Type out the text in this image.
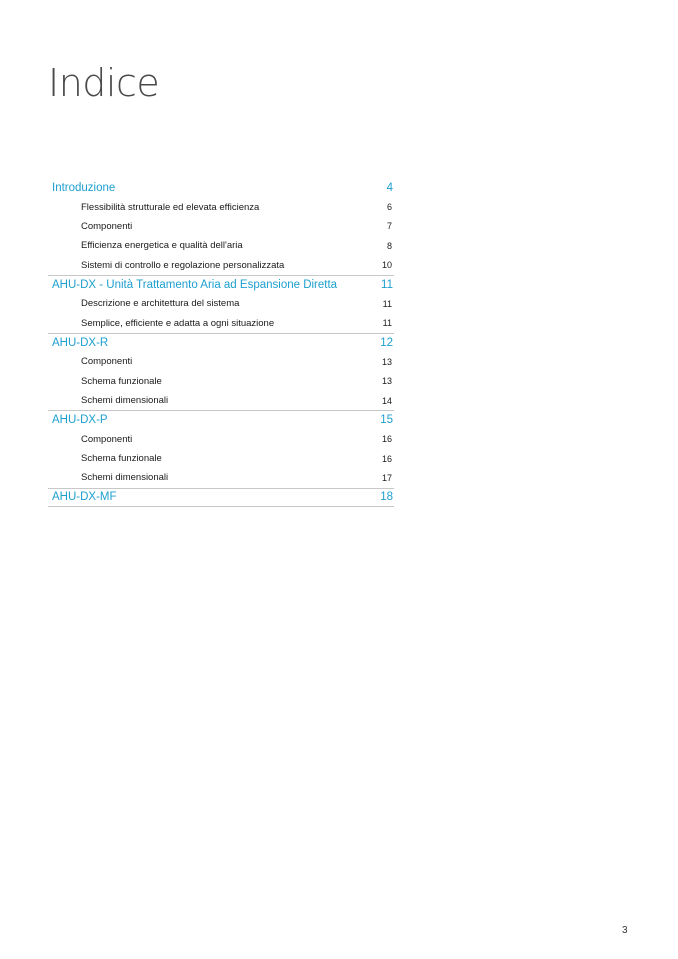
Indice
Introduzione	4
Flessibilità strutturale ed elevata efficienza	6
Componenti	7
Efficienza energetica e qualità dell'aria	8
Sistemi di controllo e regolazione personalizzata	10
AHU-DX - Unità Trattamento Aria ad Espansione Diretta	11
Descrizione e architettura del sistema	11
Semplice, efficiente e adatta a ogni situazione	11
AHU-DX-R	12
Componenti	13
Schema funzionale	13
Schemi dimensionali	14
AHU-DX-P	15
Componenti	16
Schema funzionale	16
Schemi dimensionali	17
AHU-DX-MF	18
3
